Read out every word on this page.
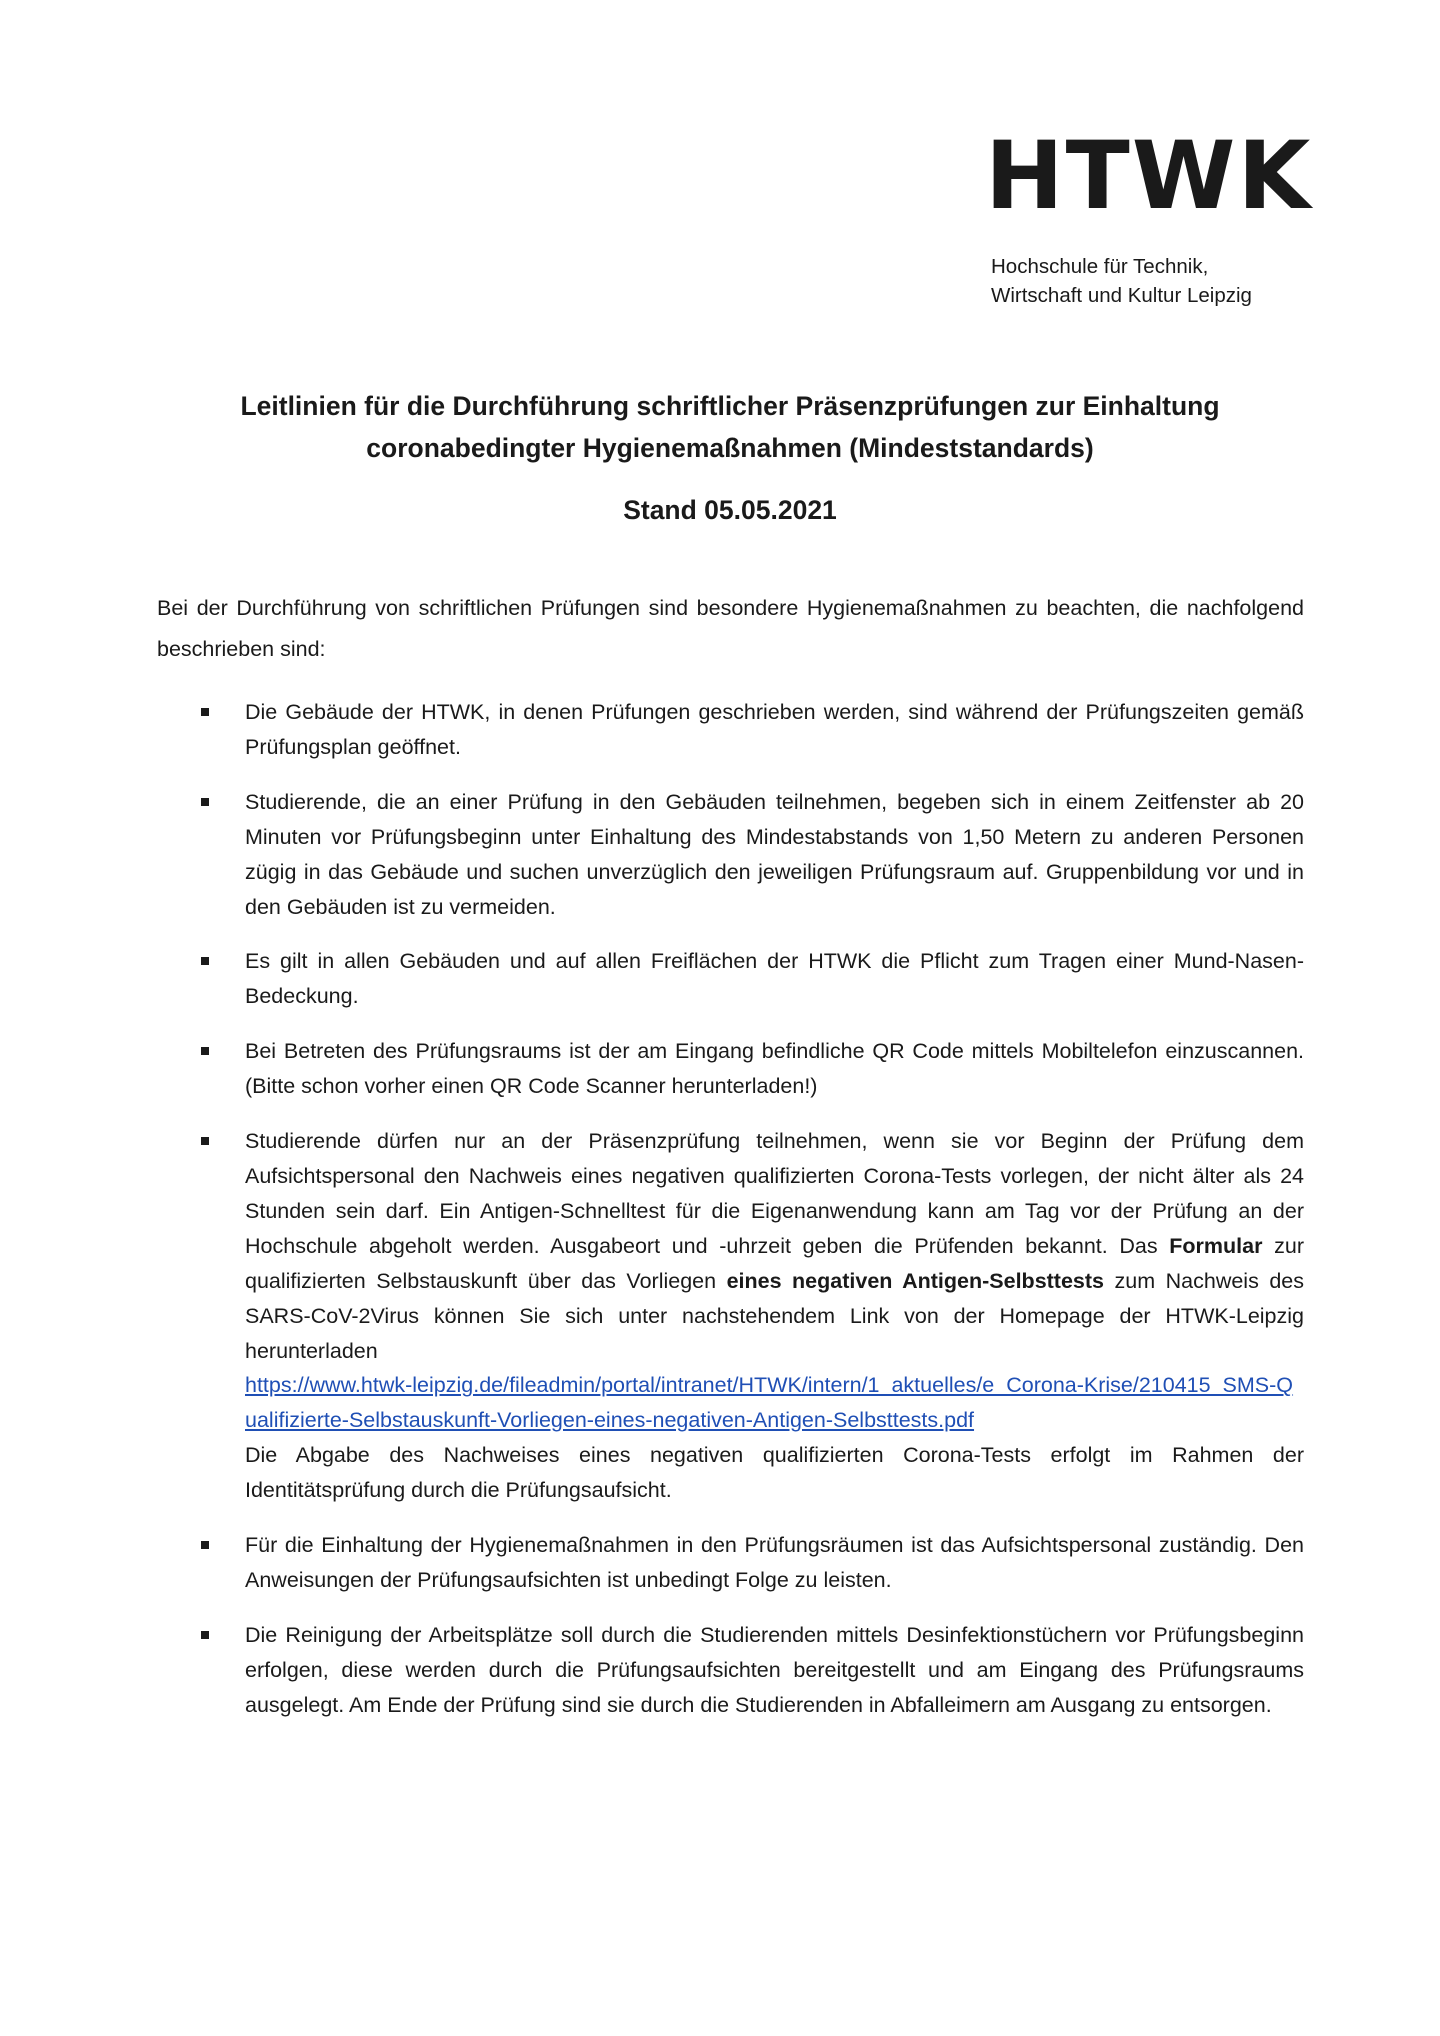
HTWK
Hochschule für Technik,
Wirtschaft und Kultur Leipzig
Leitlinien für die Durchführung schriftlicher Präsenzprüfungen zur Einhaltung
coronabedingter Hygienemaßnahmen (Mindeststandards)
Stand 05.05.2021
Bei der Durchführung von schriftlichen Prüfungen sind besondere Hygienemaßnahmen zu beachten, die nachfolgend beschrieben sind:

Die Gebäude der HTWK, in denen Prüfungen geschrieben werden, sind während der Prüfungszeiten gemäß Prüfungsplan geöffnet.

Studierende, die an einer Prüfung in den Gebäuden teilnehmen, begeben sich in einem Zeitfenster ab 20 Minuten vor Prüfungsbeginn unter Einhaltung des Mindestabstands von 1,50 Metern zu anderen Personen zügig in das Gebäude und suchen unverzüglich den jeweiligen Prüfungsraum auf. Gruppenbildung vor und in den Gebäuden ist zu vermeiden.

Es gilt in allen Gebäuden und auf allen Freiflächen der HTWK die Pflicht zum Tragen einer Mund-Nasen-Bedeckung.

Bei Betreten des Prüfungsraums ist der am Eingang befindliche QR Code mittels Mobiltelefon einzuscannen. (Bitte schon vorher einen QR Code Scanner herunterladen!)

Studierende dürfen nur an der Präsenzprüfung teilnehmen, wenn sie vor Beginn der Prüfung dem Aufsichtspersonal den Nachweis eines negativen qualifizierten Corona-Tests vorlegen, der nicht älter als 24 Stunden sein darf. Ein Antigen-Schnelltest für die Eigenanwendung kann am Tag vor der Prüfung an der Hochschule abgeholt werden. Ausgabeort und -uhrzeit geben die Prüfenden bekannt. Das Formular zur qualifizierten Selbstauskunft über das Vorliegen eines negativen Antigen-Selbsttests zum Nachweis des SARS-CoV-2Virus können Sie sich unter nachstehendem Link von der Homepage der HTWK-Leipzig herunterladen

https://www.htwk-leipzig.de/fileadmin/portal/intranet/HTWK/intern/1_aktuelles/e_Corona-Krise/210415_SMS-Qualifizierte-Selbstauskunft-Vorliegen-eines-negativen-Antigen-Selbsttests.pdf

Die Abgabe des Nachweises eines negativen qualifizierten Corona-Tests erfolgt im Rahmen der Identitätsprüfung durch die Prüfungsaufsicht.

Für die Einhaltung der Hygienemaßnahmen in den Prüfungsräumen ist das Aufsichtspersonal zuständig. Den Anweisungen der Prüfungsaufsichten ist unbedingt Folge zu leisten.

Die Reinigung der Arbeitsplätze soll durch die Studierenden mittels Desinfektionstüchern vor Prüfungsbeginn erfolgen, diese werden durch die Prüfungsaufsichten bereitgestellt und am Eingang des Prüfungsraums ausgelegt. Am Ende der Prüfung sind sie durch die Studierenden in Abfalleimern am Ausgang zu entsorgen.
